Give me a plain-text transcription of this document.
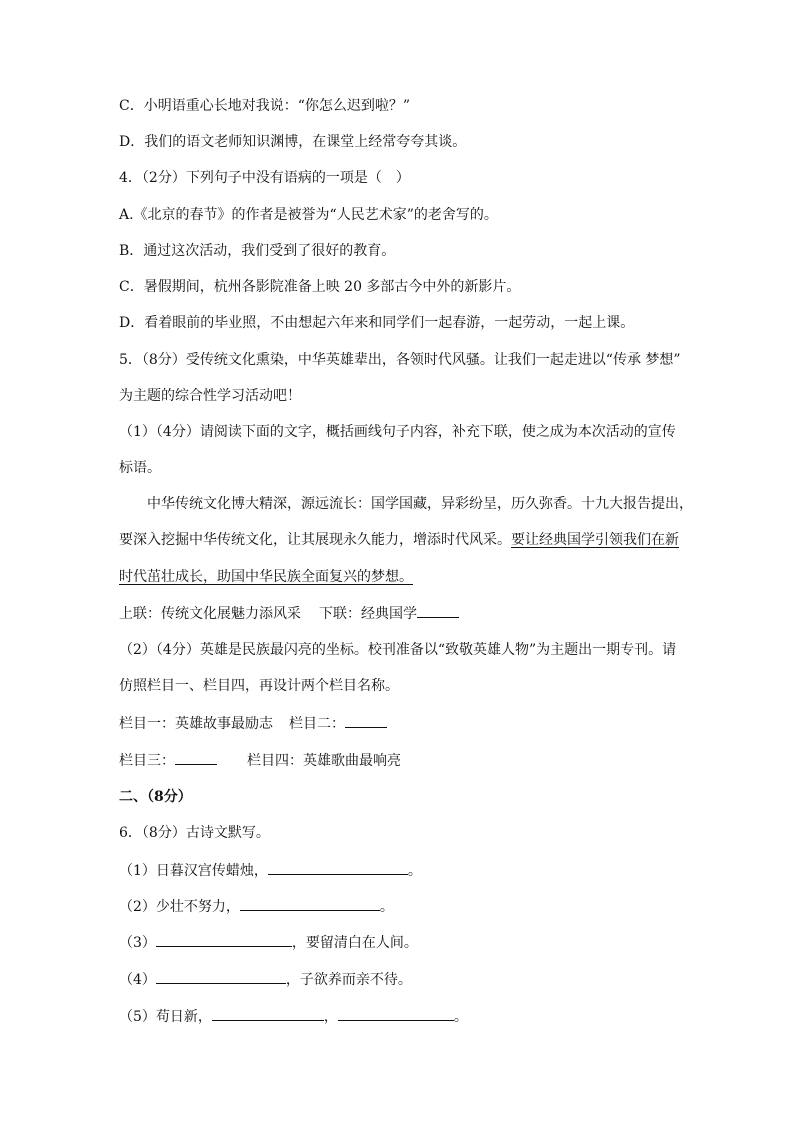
C．小明语重心长地对我说：“你怎么迟到啦？”
D．我们的语文老师知识渊博，在课堂上经常夸夸其谈。
4．（2分）下列句子中没有语病的一项是（　）
A.《北京的春节》的作者是被誉为“人民艺术家”的老舍写的。
B．通过这次活动，我们受到了很好的教育。
C．暑假期间，杭州各影院准备上映 20 多部古今中外的新影片。
D．看着眼前的毕业照，不由想起六年来和同学们一起春游，一起劳动，一起上课。
5．（8分）受传统文化熏染，中华英雄辈出，各领时代风骚。让我们一起走进以“传承 梦想”
为主题的综合性学习活动吧！
（1）（4分）请阅读下面的文字，概括画线句子内容，补充下联，使之成为本次活动的宣传
标语。
中华传统文化博大精深，源远流长：国学国藏，异彩纷呈，历久弥香。十九大报告提出，
要深入挖掘中华传统文化，让其展现永久能力，增添时代风采。要让经典国学引领我们在新
时代茁壮成长，助国中华民族全面复兴的梦想。
上联：传统文化展魅力添风采 下联：经典国学
（2）（4分）英雄是民族最闪亮的坐标。校刊准备以“致敬英雄人物”为主题出一期专刊。请
仿照栏目一、栏目四，再设计两个栏目名称。
栏目一：英雄故事最励志 栏目二：
栏目三：	栏目四：英雄歌曲最响亮
二、（8分）
6．（8分）古诗文默写。
（1）日暮汉宫传蜡烛，	。
（2）少壮不努力，	。
（3）	，要留清白在人间。
（4）	，子欲养而亲不待。
（5）苟日新，	，	。
